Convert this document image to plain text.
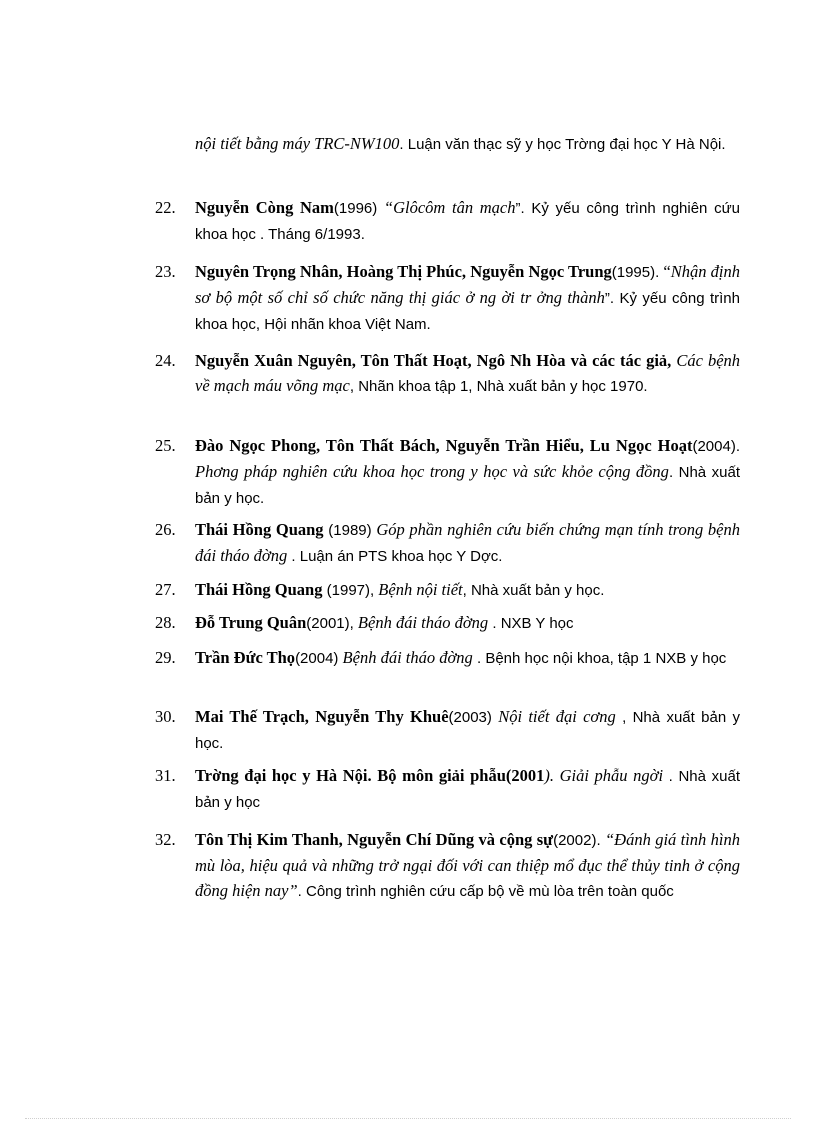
nội tiết bằng máy TRC-NW100. Luận văn thạc sỹ y học Trờng đại học Y Hà Nội.
22.	Nguyễn Còng Nam(1996) “Glôcôm tân mạch”. Kỷ yếu công trình nghiên cứu khoa học . Tháng 6/1993.
23.	Nguyên Trọng Nhân, Hoàng Thị Phúc, Nguyễn Ngọc Trung(1995). “Nhận định sơ bộ một số chỉ số chức năng thị giác ở ng ời tr ởng thành”. Kỷ yếu công trình khoa học, Hội nhãn khoa Việt Nam.
24.	Nguyễn Xuân Nguyên, Tôn Thất Hoạt, Ngô Nh Hòa và các tác giả, Các bệnh về mạch máu võng mạc, Nhãn khoa tập 1, Nhà xuất bản y học 1970.
25.	Đào Ngọc Phong, Tôn Thất Bách, Nguyễn Trần Hiểu, Lu Ngọc Hoạt(2004). Phơng pháp nghiên cứu khoa học trong y học và sức khỏe cộng đồng. Nhà xuất bản y học.
26.	Thái Hồng Quang (1989) Góp phần nghiên cứu biến chứng mạn tính trong bệnh đái tháo đờng . Luận án PTS khoa học Y Dợc.
27.	Thái Hồng Quang (1997), Bệnh nội tiết, Nhà xuất bản y học.
28.	Đỗ Trung Quân(2001), Bệnh đái tháo đờng . NXB Y học
29.	Trần Đức Thọ(2004) Bệnh đái tháo đờng . Bệnh học nội khoa, tập 1 NXB y học
30.	Mai Thế Trạch, Nguyễn Thy Khuê(2003) Nội tiết đại cơng , Nhà xuất bản y học.
31.	Trờng đại học y Hà Nội. Bộ môn giải phẫu(2001). Giải phẫu ngời . Nhà xuất bản y học
32.	Tôn Thị Kim Thanh, Nguyễn Chí Dũng và cộng sự(2002). “Đánh giá tình hình mù lòa, hiệu quả và những trở ngại đối với can thiệp mổ đục thể thủy tinh ở cộng đồng hiện nay”. Công trình nghiên cứu cấp bộ về mù lòa trên toàn quốc
